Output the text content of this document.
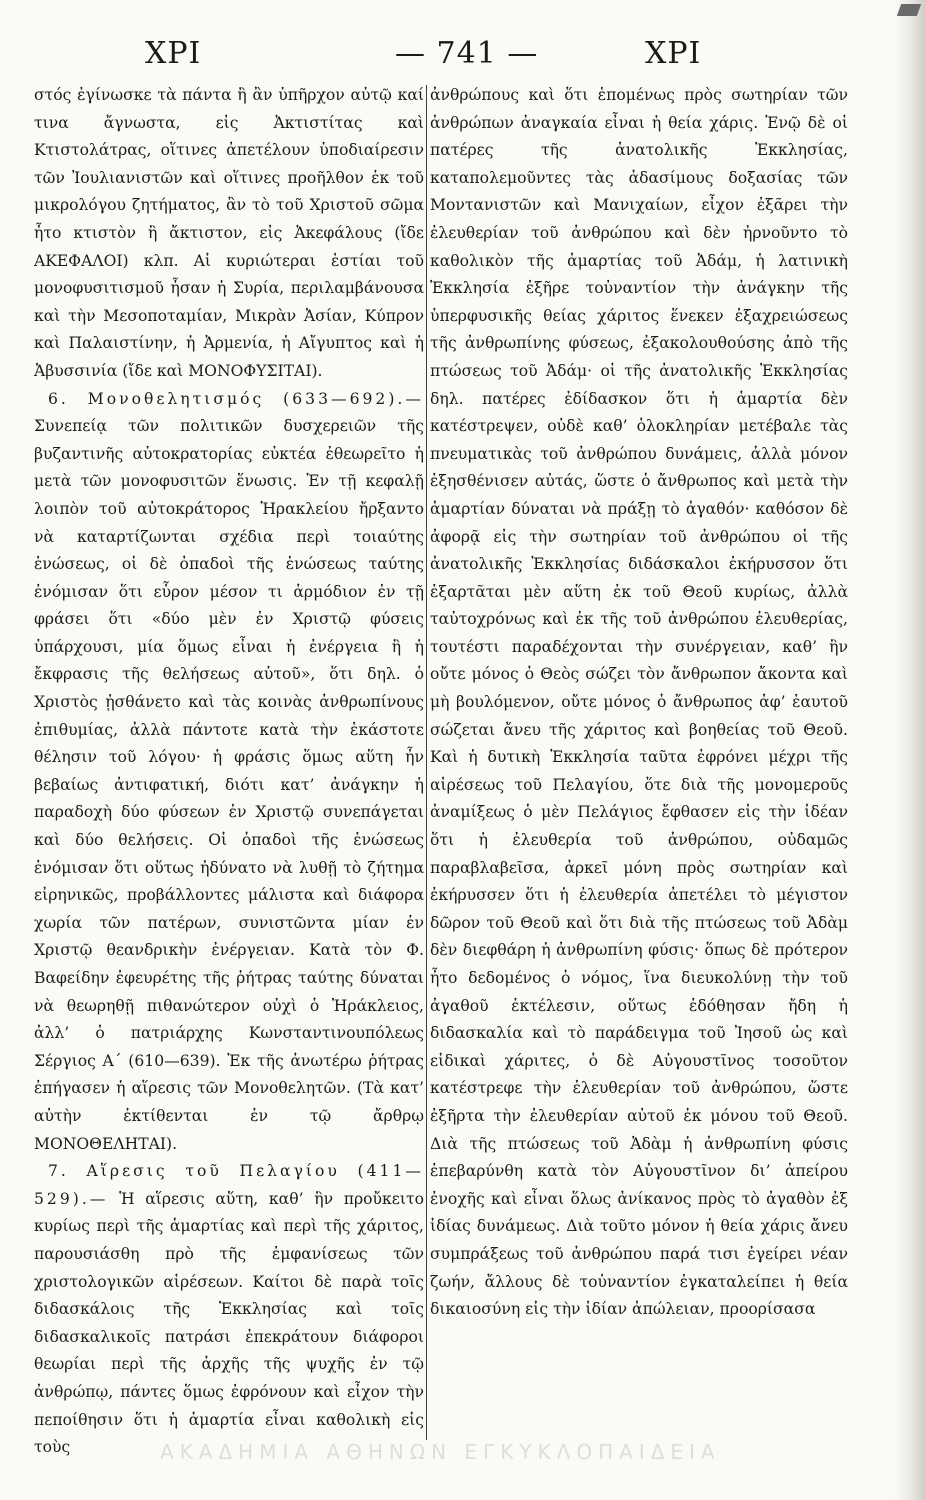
ΧΡΙ	— 741 —	ΧΡΙ

στός ἐγίνωσκε τὰ πάντα ἢ ἂν ὑπῆρχον αὐτῷ καί τινα ἄγνωστα, εἰς Ἀκτιστίτας καὶ Κτιστολάτρας, οἵτινες ἀπετέλουν ὑποδιαίρεσιν τῶν Ἰουλιανιστῶν καὶ οἵτινες προῆλθον ἐκ τοῦ μικρολόγου ζητήματος, ἂν τὸ τοῦ Χριστοῦ σῶμα ἦτο κτιστὸν ἢ ἄκτιστον, εἰς Ἀκεφάλους (ἴδε ΑΚΕΦΑΛΟΙ) κλπ. Αἱ κυριώτεραι ἑστίαι τοῦ μονοφυσιτισμοῦ ἦσαν ἡ Συρία, περιλαμβάνουσα καὶ τὴν Μεσοποταμίαν, Μικρὰν Ἀσίαν, Κύπρον καὶ Παλαιστίνην, ἡ Ἀρμενία, ἡ Αἴγυπτος καὶ ἡ Ἀβυσσινία (ἴδε καὶ ΜΟΝΟΦΥΣΙΤΑΙ).

6. Μονοθελητισμός (633—692).— Συνεπείᾳ τῶν πολιτικῶν δυσχερειῶν τῆς βυζαντινῆς αὐτοκρατορίας εὐκτέα ἐθεωρεῖτο ἡ μετὰ τῶν μονοφυσιτῶν ἕνωσις. Ἐν τῇ κεφαλῇ λοιπὸν τοῦ αὐτοκράτορος Ἡρακλείου ἤρξαντο νὰ καταρτίζωνται σχέδια περὶ τοιαύτης ἑνώσεως, οἱ δὲ ὀπαδοὶ τῆς ἑνώσεως ταύτης ἐνόμισαν ὅτι εὗρον μέσον τι ἁρμόδιον ἐν τῇ φράσει ὅτι «δύο μὲν ἐν Χριστῷ φύσεις ὑπάρχουσι, μία ὅμως εἶναι ἡ ἐνέργεια ἢ ἡ ἔκφρασις τῆς θελήσεως αὐτοῦ», ὅτι δηλ. ὁ Χριστὸς ᾐσθάνετο καὶ τὰς κοινὰς ἀνθρωπίνους ἐπιθυμίας, ἀλλὰ πάντοτε κατὰ τὴν ἑκάστοτε θέλησιν τοῦ λόγου· ἡ φράσις ὅμως αὕτη ἦν βεβαίως ἀντιφατική, διότι κατ’ ἀνάγκην ἡ παραδοχὴ δύο φύσεων ἐν Χριστῷ συνεπάγεται καὶ δύο θελήσεις. Οἱ ὀπαδοὶ τῆς ἑνώσεως ἐνόμισαν ὅτι οὕτως ἠδύνατο νὰ λυθῇ τὸ ζήτημα εἰρηνικῶς, προβάλλοντες μάλιστα καὶ διάφορα χωρία τῶν πατέρων, συνιστῶντα μίαν ἐν Χριστῷ θεανδρικὴν ἐνέργειαν. Κατὰ τὸν Φ. Βαφείδην ἐφευρέτης τῆς ῥήτρας ταύτης δύναται νὰ θεωρηθῇ πιθανώτερον οὐχὶ ὁ Ἡράκλειος, ἀλλ’ ὁ πατριάρχης Κωνσταντινουπόλεως Σέργιος Α΄ (610—639). Ἐκ τῆς ἀνωτέρω ῥήτρας ἐπήγασεν ἡ αἵρεσις τῶν Μονοθελητῶν. (Τὰ κατ’ αὐτὴν ἐκτίθενται ἐν τῷ ἄρθρῳ ΜΟΝΟΘΕΛΗΤΑΙ).

7. Αἵρεσις τοῦ Πελαγίου (411—529).— Ἡ αἵρεσις αὕτη, καθ’ ἣν προὔκειτο κυρίως περὶ τῆς ἁμαρτίας καὶ περὶ τῆς χάριτος, παρουσιάσθη πρὸ τῆς ἐμφανίσεως τῶν χριστολογικῶν αἱρέσεων. Καίτοι δὲ παρὰ τοῖς διδασκάλοις τῆς Ἐκκλησίας καὶ τοῖς διδασκαλικοῖς πατράσι ἐπεκράτουν διάφοροι θεωρίαι περὶ τῆς ἀρχῆς τῆς ψυχῆς ἐν τῷ ἀνθρώπῳ, πάντες ὅμως ἐφρόνουν καὶ εἶχον τὴν πεποίθησιν ὅτι ἡ ἁμαρτία εἶναι καθολικὴ εἰς τοὺς

ἀνθρώπους καὶ ὅτι ἑπομένως πρὸς σωτηρίαν τῶν ἀνθρώπων ἀναγκαία εἶναι ἡ θεία χάρις. Ἐνῷ δὲ οἱ πατέρες τῆς ἀνατολικῆς Ἐκκλησίας, καταπολεμοῦντες τὰς ἀδασίμους δοξασίας τῶν Μοντανιστῶν καὶ Μανιχαίων, εἶχον ἐξᾶρει τὴν ἐλευθερίαν τοῦ ἀνθρώπου καὶ δὲν ἠρνοῦντο τὸ καθολικὸν τῆς ἁμαρτίας τοῦ Ἀδάμ, ἡ λατινικὴ Ἐκκλησία ἐξῆρε τοὐναντίον τὴν ἀνάγκην τῆς ὑπερφυσικῆς θείας χάριτος ἕνεκεν ἐξαχρειώσεως τῆς ἀνθρωπίνης φύσεως, ἐξακολουθούσης ἀπὸ τῆς πτώσεως τοῦ Ἀδάμ· οἱ τῆς ἀνατολικῆς Ἐκκλησίας δηλ. πατέρες ἐδίδασκον ὅτι ἡ ἁμαρτία δὲν κατέστρεψεν, οὐδὲ καθ’ ὁλοκληρίαν μετέβαλε τὰς πνευματικὰς τοῦ ἀνθρώπου δυνάμεις, ἀλλὰ μόνον ἐξησθένισεν αὐτάς, ὥστε ὁ ἄνθρωπος καὶ μετὰ τὴν ἁμαρτίαν δύναται νὰ πράξῃ τὸ ἀγαθόν· καθόσον δὲ ἀφορᾷ εἰς τὴν σωτηρίαν τοῦ ἀνθρώπου οἱ τῆς ἀνατολικῆς Ἐκκλησίας διδάσκαλοι ἐκήρυσσον ὅτι ἐξαρτᾶται μὲν αὕτη ἐκ τοῦ Θεοῦ κυρίως, ἀλλὰ ταὐτοχρόνως καὶ ἐκ τῆς τοῦ ἀνθρώπου ἐλευθερίας, τουτέστι παραδέχονται τὴν συνέργειαν, καθ’ ἣν οὔτε μόνος ὁ Θεὸς σώζει τὸν ἄνθρωπον ἄκοντα καὶ μὴ βουλόμενον, οὔτε μόνος ὁ ἄνθρωπος ἀφ’ ἑαυτοῦ σώζεται ἄνευ τῆς χάριτος καὶ βοηθείας τοῦ Θεοῦ. Καὶ ἡ δυτικὴ Ἐκκλησία ταῦτα ἐφρόνει μέχρι τῆς αἱρέσεως τοῦ Πελαγίου, ὅτε διὰ τῆς μονομεροῦς ἀναμίξεως ὁ μὲν Πελάγιος ἔφθασεν εἰς τὴν ἰδέαν ὅτι ἡ ἐλευθερία τοῦ ἀνθρώπου, οὐδαμῶς παραβλαβεῖσα, ἀρκεῖ μόνη πρὸς σωτηρίαν καὶ ἐκήρυσσεν ὅτι ἡ ἐλευθερία ἀπετέλει τὸ μέγιστον δῶρον τοῦ Θεοῦ καὶ ὅτι διὰ τῆς πτώσεως τοῦ Ἀδὰμ δὲν διεφθάρη ἡ ἀνθρωπίνη φύσις· ὅπως δὲ πρότερον ἦτο δεδομένος ὁ νόμος, ἵνα διευκολύνῃ τὴν τοῦ ἀγαθοῦ ἐκτέλεσιν, οὕτως ἐδόθησαν ἤδη ἡ διδασκαλία καὶ τὸ παράδειγμα τοῦ Ἰησοῦ ὡς καὶ εἰδικαὶ χάριτες, ὁ δὲ Αὐγουστῖνος τοσοῦτον κατέστρεφε τὴν ἐλευθερίαν τοῦ ἀνθρώπου, ὥστε ἐξῆρτα τὴν ἐλευθερίαν αὐτοῦ ἐκ μόνου τοῦ Θεοῦ. Διὰ τῆς πτώσεως τοῦ Ἀδὰμ ἡ ἀνθρωπίνη φύσις ἐπεβαρύνθη κατὰ τὸν Αὐγουστῖνον δι’ ἀπείρου ἐνοχῆς καὶ εἶναι ὅλως ἀνίκανος πρὸς τὸ ἀγαθὸν ἐξ ἰδίας δυνάμεως. Διὰ τοῦτο μόνον ἡ θεία χάρις ἄνευ συμπράξεως τοῦ ἀνθρώπου παρά τισι ἐγείρει νέαν ζωήν, ἄλλους δὲ τοὐναντίον ἐγκαταλείπει ἡ θεία δικαιοσύνη εἰς τὴν ἰδίαν ἀπώλειαν, προορίσασα

ΑΚΑΔΗΜΙΑ ΑΘΗΝΩΝ ΕΓΚΥΚΛΟΠΑΙΔΕΙΑ
